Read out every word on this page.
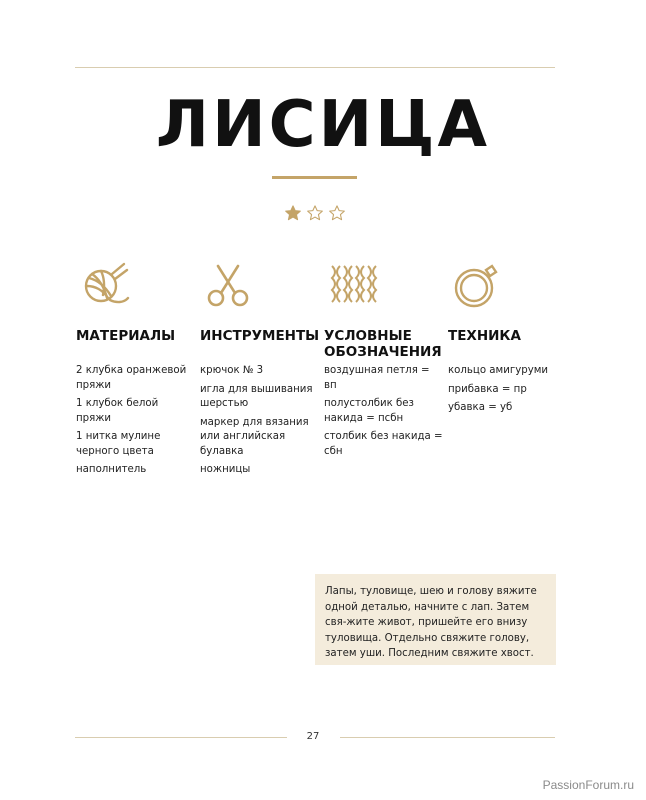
ЛИСИЦА
МАТЕРИАЛЫ
2 клубка оранжевой пряжи
1 клубок белой пряжи
1 нитка мулине черного цвета
наполнитель
ИНСТРУМЕНТЫ
крючок № 3
игла для вышивания шерстью
маркер для вязания или английская булавка
ножницы
УСЛОВНЫЕ ОБОЗНАЧЕНИЯ
воздушная петля = вп
полустолбик без накида = псбн
столбик без накида = сбн
ТЕХНИКА
кольцо амигуруми
прибавка = пр
убавка = уб
Лапы, туловище, шею и голову вяжите одной деталью, начните с лап. Затем свя-жите живот, пришейте его внизу туловища. Отдельно свяжите голову, затем уши. Последним свяжите хвост.
27
PassionForum.ru
